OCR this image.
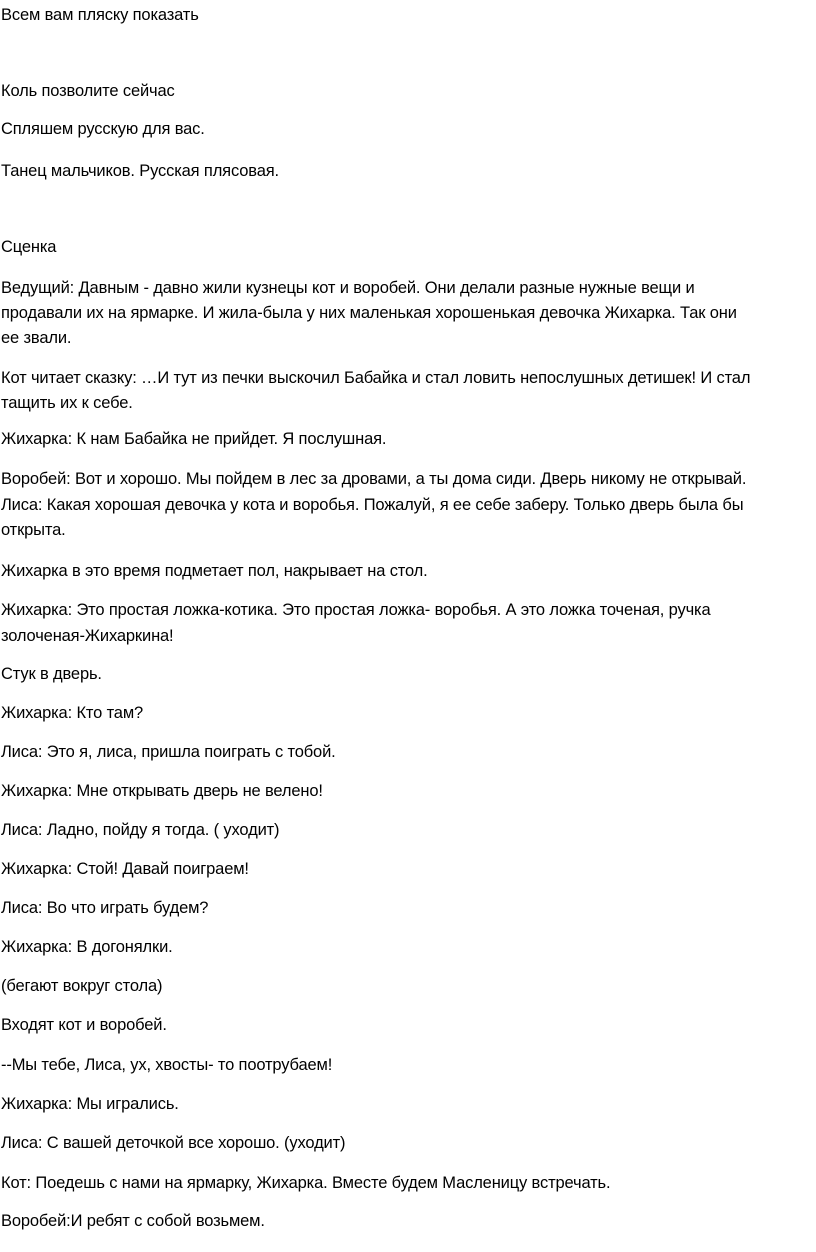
Всем вам пляску показать
Коль позволите сейчас
Спляшем русскую для вас.
Танец мальчиков. Русская плясовая.
Сценка
Ведущий: Давным - давно жили кузнецы кот и воробей. Они делали разные нужные вещи и
продавали их на ярмарке. И жила-была у них маленькая хорошенькая девочка Жихарка. Так они
ее звали.
Кот читает сказку: …И тут из печки выскочил Бабайка и стал ловить непослушных детишек! И стал
тащить их к себе.
Жихарка: К нам Бабайка не прийдет. Я послушная.
Воробей: Вот и хорошо. Мы пойдем в лес за дровами, а ты дома сиди. Дверь никому не открывай.
Лиса: Какая хорошая девочка у кота и воробья. Пожалуй, я ее себе заберу. Только дверь была бы
открыта.
Жихарка в это время подметает пол, накрывает на стол.
Жихарка: Это простая ложка-котика. Это простая ложка- воробья. А это ложка точеная, ручка
золоченая-Жихаркина!
Стук в дверь.
Жихарка: Кто там?
Лиса: Это я, лиса, пришла поиграть с тобой.
Жихарка: Мне открывать дверь не велено!
Лиса: Ладно, пойду я тогда. ( уходит)
Жихарка: Стой! Давай поиграем!
Лиса: Во что играть будем?
Жихарка: В догонялки.
(бегают вокруг стола)
Входят кот и воробей.
--Мы тебе, Лиса, ух, хвосты- то поотрубаем!
Жихарка: Мы игрались.
Лиса: С вашей деточкой все хорошо. (уходит)
Кот: Поедешь с нами на ярмарку, Жихарка. Вместе будем Масленицу встречать.
Воробей:И ребят с собой возьмем.
